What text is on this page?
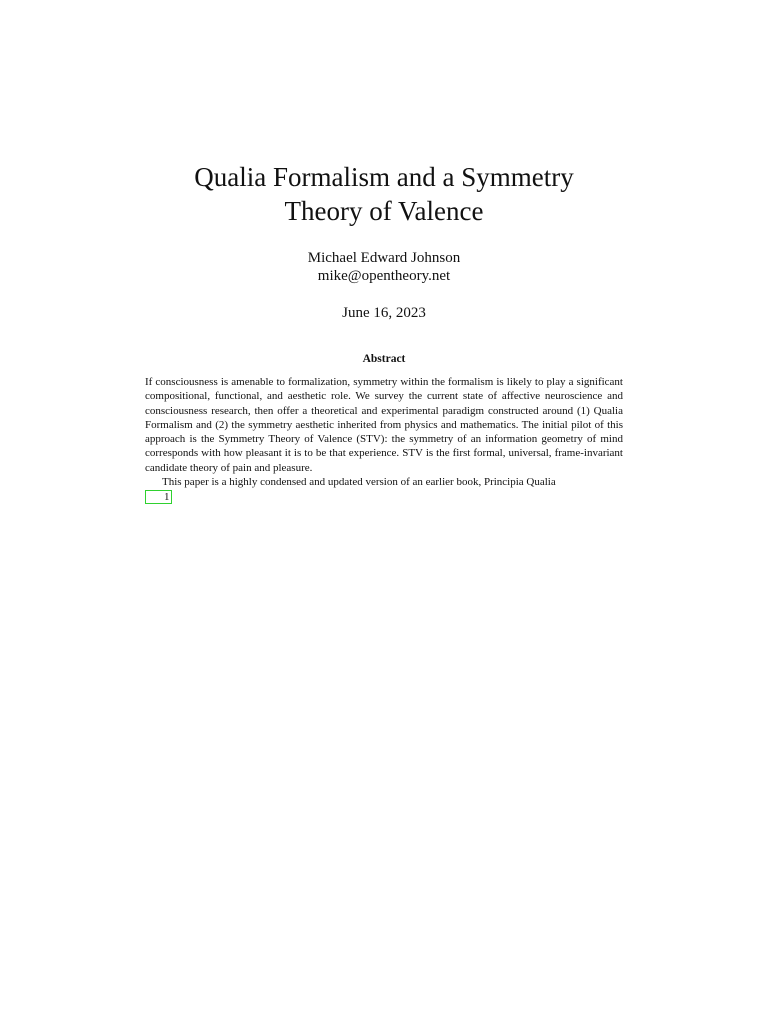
Qualia Formalism and a Symmetry
Theory of Valence
Michael Edward Johnson
mike@opentheory.net
June 16, 2023
Abstract

If consciousness is amenable to formalization, symmetry within the formalism is likely to play a significant compositional, functional, and aesthetic role. We survey the current state of affective neuroscience and consciousness research, then offer a theoretical and experimental paradigm constructed around (1) Qualia Formalism and (2) the symmetry aesthetic inherited from physics and mathematics. The initial pilot of this approach is the Symmetry Theory of Valence (STV): the symmetry of an information geometry of mind corresponds with how pleasant it is to be that experience. STV is the first formal, universal, frame-invariant candidate theory of pain and pleasure.

This paper is a highly condensed and updated version of an earlier book, Principia Qualia
1
